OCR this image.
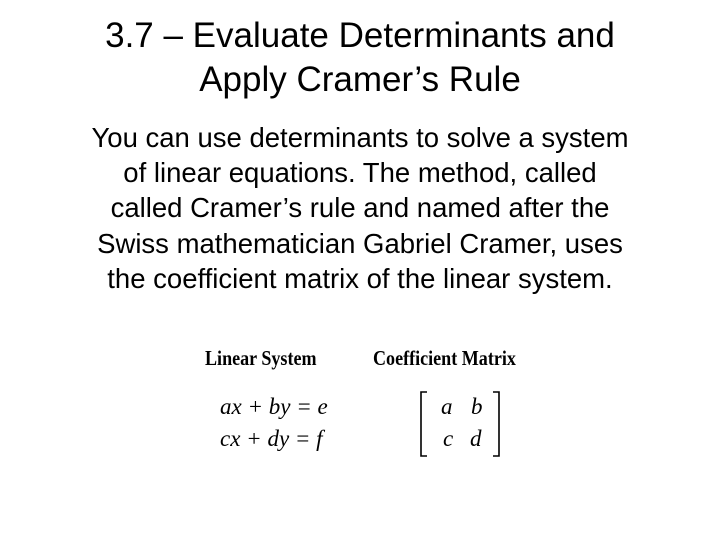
3.7 – Evaluate Determinants and
Apply Cramer’s Rule
You can use determinants to solve a system
of linear equations. The method, called
called Cramer’s rule and named after the
Swiss mathematician Gabriel Cramer, uses
the coefficient matrix of the linear system.
Linear System	Coefficient Matrix
ax + by = e
cx + dy = f
a b
c d
